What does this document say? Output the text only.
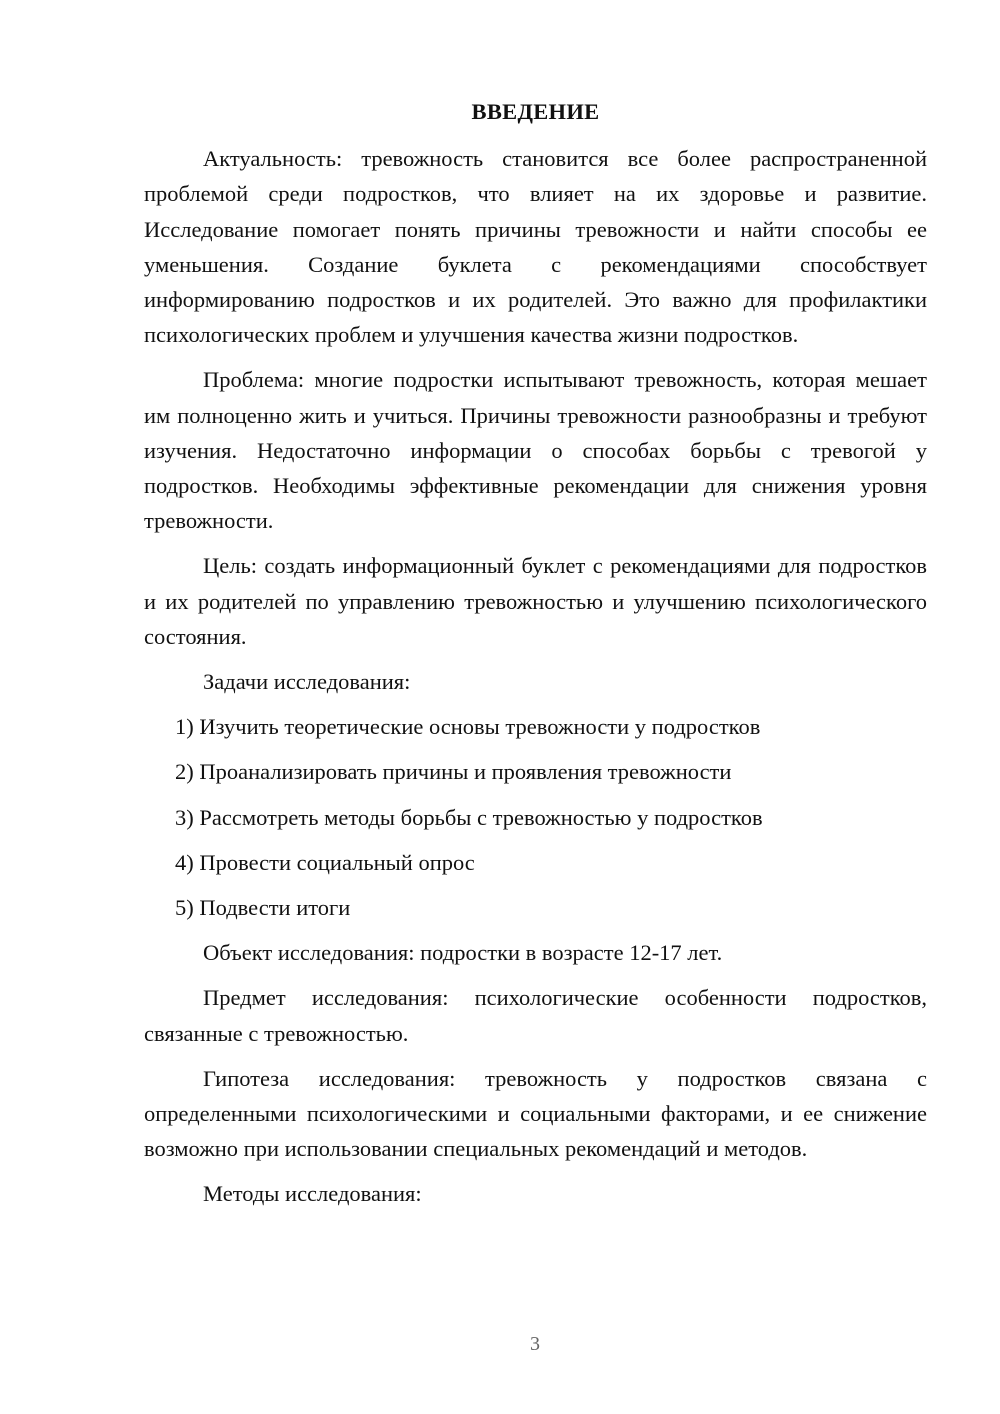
ВВЕДЕНИЕ

Актуальность: тревожность становится все более распространенной проблемой среди подростков, что влияет на их здоровье и развитие. Исследование помогает понять причины тревожности и найти способы ее уменьшения. Создание буклета с рекомендациями способствует информированию подростков и их родителей. Это важно для профилактики психологических проблем и улучшения качества жизни подростков.

Проблема: многие подростки испытывают тревожность, которая мешает им полноценно жить и учиться. Причины тревожности разнообразны и требуют изучения. Недостаточно информации о способах борьбы с тревогой у подростков. Необходимы эффективные рекомендации для снижения уровня тревожности.

Цель: создать информационный буклет с рекомендациями для подростков и их родителей по управлению тревожностью и улучшению психологического состояния.

Задачи исследования:

1) Изучить теоретические основы тревожности у подростков
2) Проанализировать причины и проявления тревожности
3) Рассмотреть методы борьбы с тревожностью у подростков
4) Провести социальный опрос
5) Подвести итоги

Объект исследования: подростки в возрасте 12-17 лет.

Предмет исследования: психологические особенности подростков, связанные с тревожностью.

Гипотеза исследования: тревожность у подростков связана с определенными психологическими и социальными факторами, и ее снижение возможно при использовании специальных рекомендаций и методов.

Методы исследования:

3
